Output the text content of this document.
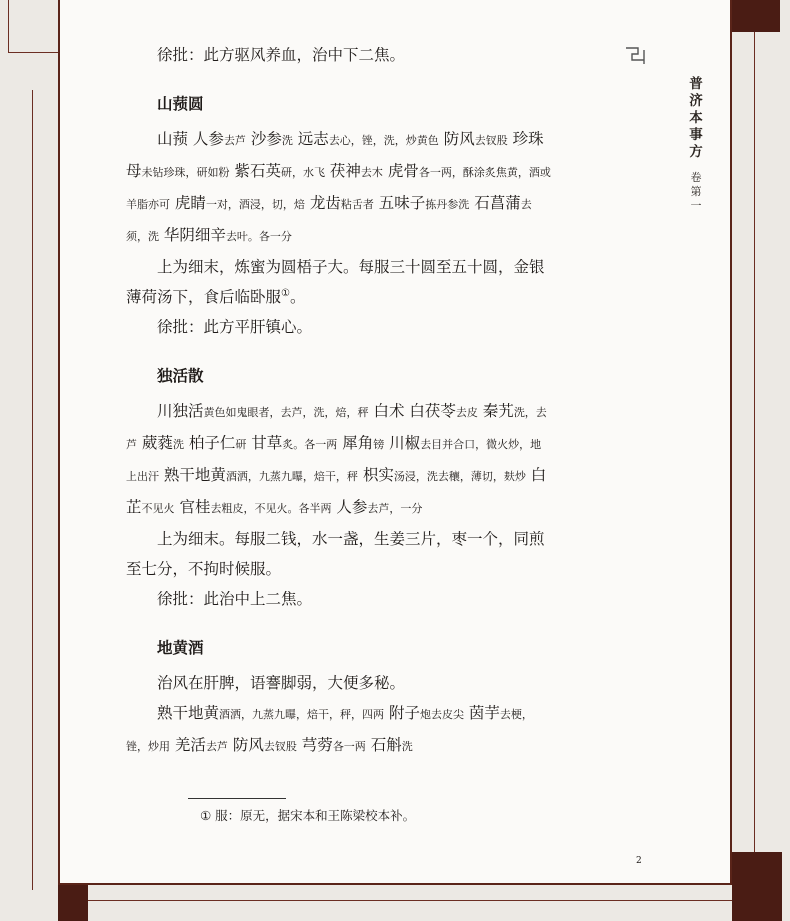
普济本事方
卷第一

徐批：此方驱风养血，治中下二焦。

山蓣圆

山蓣 人参去芦 沙参洗 远志去心，锉，洗，炒黄色 防风去钗股 珍珠母未钻珍珠，研如粉 紫石英研，水飞 茯神去木 虎骨各一两，酥涂炙焦黄，酒或羊脂亦可 虎睛一对，酒浸，切，焙 龙齿粘舌者 五味子拣丹参洗 石菖蒲去须，洗 华阴细辛去叶。各一分

上为细末，炼蜜为圆梧子大。每服三十圆至五十圆，金银薄荷汤下，食后临卧服①。

徐批：此方平肝镇心。

独活散

川独活黄色如鬼眼者，去芦，洗，焙，秤 白术 白茯苓去皮 秦艽洗，去芦 葳蕤洗 柏子仁研 甘草炙。各一两 犀角镑 川椒去目并合口，微火炒，地上出汗 熟干地黄酒洒，九蒸九曝，焙干，秤 枳实汤浸，洗去穰，薄切，麸炒 白芷不见火 官桂去粗皮，不见火。各半两 人参去芦，一分

上为细末。每服二钱，水一盏，生姜三片，枣一个，同煎至七分，不拘时候服。

徐批：此治中上二焦。

地黄酒

治风在肝脾，语謇脚弱，大便多秘。

熟干地黄酒洒，九蒸九曝，焙干，秤，四两 附子炮去皮尖 茵芋去梗，锉，炒用 羌活去芦 防风去钗股 芎䓖各一两 石斛洗

① 服：原无，据宋本和王陈梁校本补。
2
